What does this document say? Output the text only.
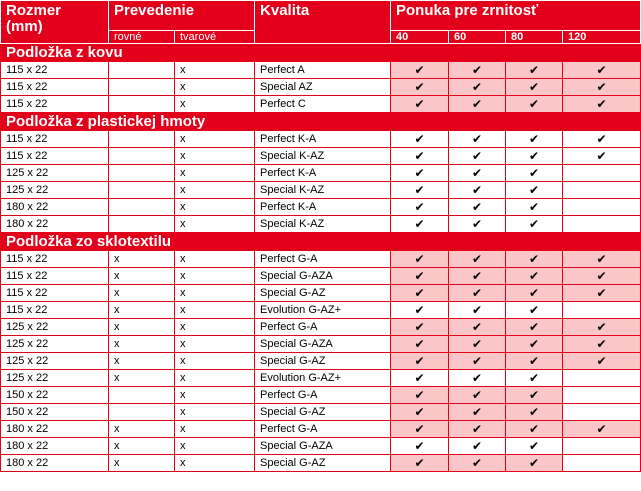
Rozmer
(mm)	Prevedenie		Kvalita	Ponuka pre zrnitosť			
	rovné	tvarové		40	60	80	120
Podložka z kovu							
115 x 22		x	Perfect A	✔	✔	✔	✔
115 x 22		x	Special AZ	✔	✔	✔	✔
115 x 22		x	Perfect C	✔	✔	✔	✔
Podložka z plastickej hmoty							
115 x 22		x	Perfect K-A	✔	✔	✔	✔
115 x 22		x	Special K-AZ	✔	✔	✔	✔
125 x 22		x	Perfect K-A	✔	✔	✔	
125 x 22		x	Special K-AZ	✔	✔	✔	
180 x 22		x	Perfect K-A	✔	✔	✔	
180 x 22		x	Special K-AZ	✔	✔	✔	
Podložka zo sklotextilu							
115 x 22	x	x	Perfect G-A	✔	✔	✔	✔
115 x 22	x	x	Special G-AZA	✔	✔	✔	✔
115 x 22	x	x	Special G-AZ	✔	✔	✔	✔
115 x 22	x	x	Evolution G-AZ+	✔	✔	✔	
125 x 22	x	x	Perfect G-A	✔	✔	✔	✔
125 x 22	x	x	Special G-AZA	✔	✔	✔	✔
125 x 22	x	x	Special G-AZ	✔	✔	✔	✔
125 x 22	x	x	Evolution G-AZ+	✔	✔	✔	
150 x 22		x	Perfect G-A	✔	✔	✔	
150 x 22		x	Special G-AZ	✔	✔	✔	
180 x 22	x	x	Perfect G-A	✔	✔	✔	✔
180 x 22	x	x	Special G-AZA	✔	✔	✔	
180 x 22	x	x	Special G-AZ	✔	✔	✔	
